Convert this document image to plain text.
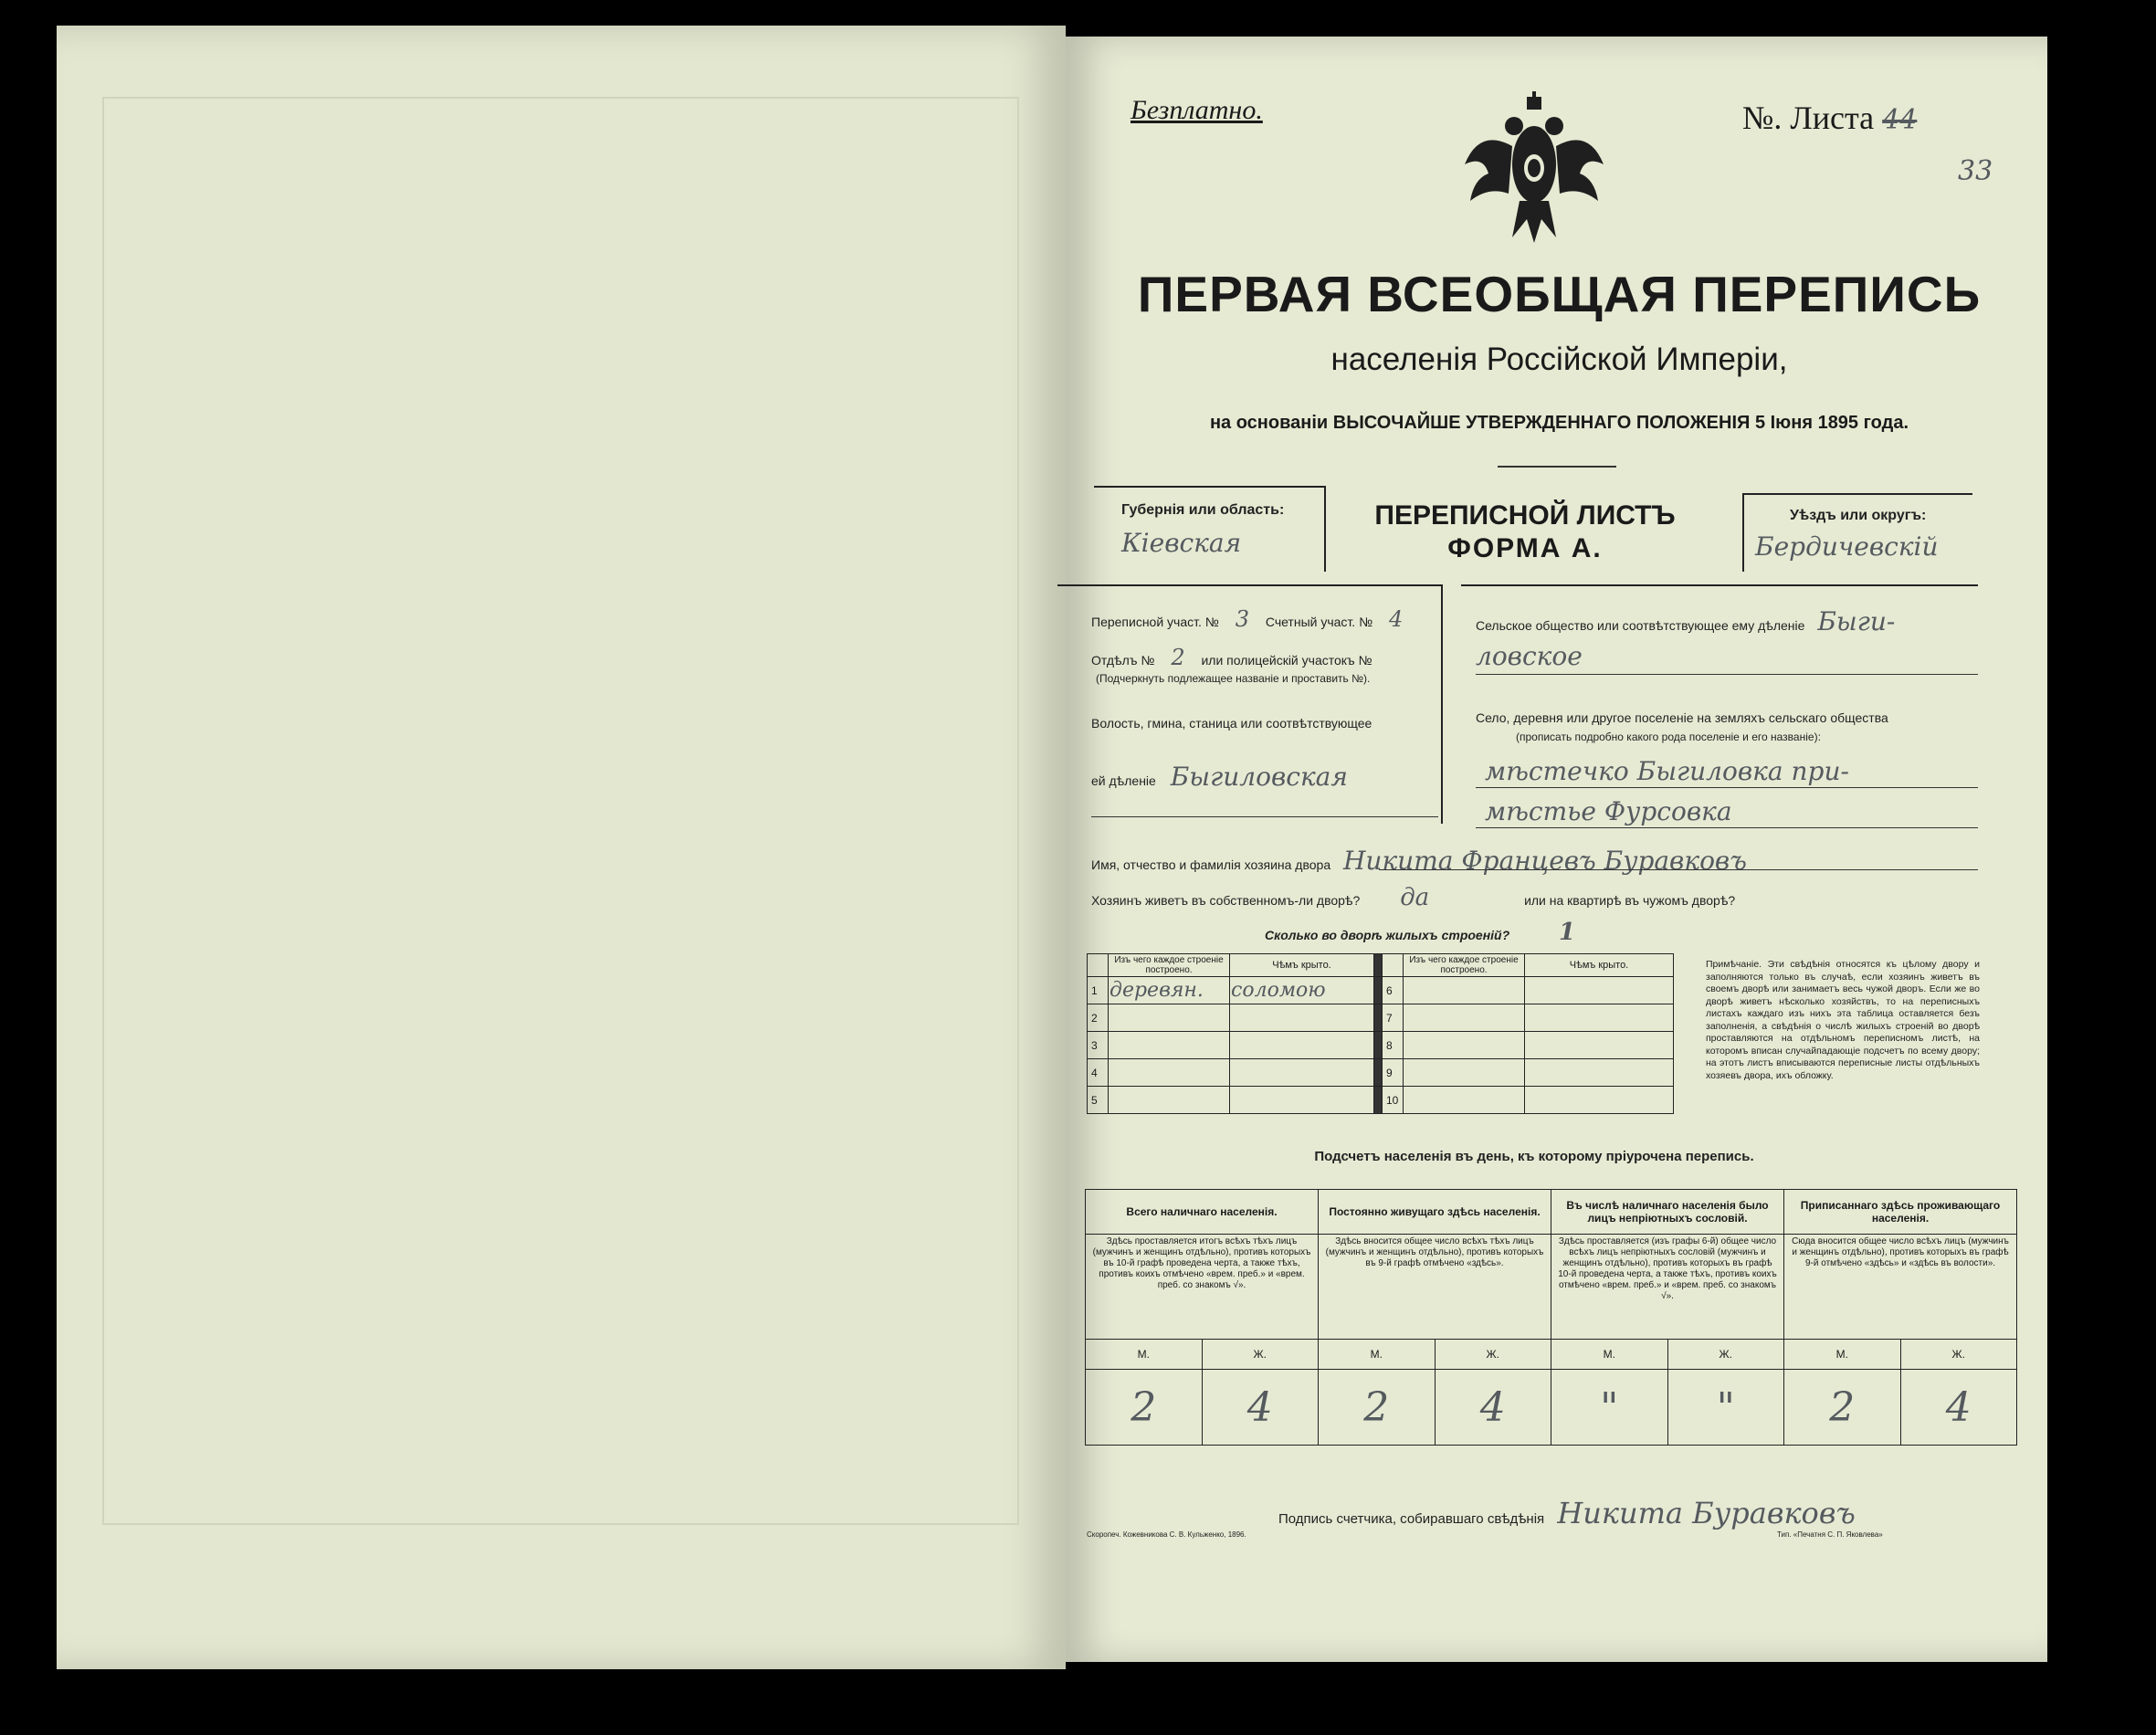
Безплатно.	№. Листа 44
33
ПЕРВАЯ ВСЕОБЩАЯ ПЕРЕПИСЬ
населенія Россійской Имперіи,
на основаніи ВЫСОЧАЙШЕ УТВЕРЖДЕННАГО ПОЛОЖЕНІЯ 5 Іюня 1895 года.
Губернія или область:
Кіевская
ПЕРЕПИСНОЙ ЛИСТЪ
ФОРМА А.
Уѣздъ или округъ:
Бердичевскій
Переписной участ. № 3 Счетный участ. № 4
Отдѣлъ № 2 или полицейскій участокъ №
(Подчеркнуть подлежащее названіе и проставить №).
Волость, гмина, станица или соотвѣтствующее
ей дѣленіе Быгиловская
Сельское общество или соотвѣтствующее ему дѣленіе Быги-
ловское
Село, деревня или другое поселеніе на земляхъ сельскаго общества
(прописать подробно какого рода поселеніе и его названіе):
мѣстечко Быгиловка при-
мѣстье Фурсовка
Имя, отчество и фамилія хозяина двора Никита Францевъ Буравковъ
Хозяинъ живетъ въ собственномъ-ли дворѣ? да	или на квартирѣ въ чужомъ дворѣ?
Сколько во дворѣ жилыхъ строеній? 1
	Изъ чего каждое строеніе построено.	Чѣмъ крыто.			Изъ чего каждое строеніе построено.	Чѣмъ крыто.
1	деревян.	соломою		6		
2				7		
3				8		
4				9		
5				10		
Примѣчаніе. Эти свѣдѣнія относятся къ цѣлому двору и заполняются только въ случаѣ, если хозяинъ живетъ въ своемъ дворѣ или занимаетъ весь чужой дворъ. Если же во дворѣ живетъ нѣсколько хозяйствъ, то на переписныхъ листахъ каждаго изъ нихъ эта таблица оставляется безъ заполненія, а свѣдѣнія о числѣ жилыхъ строеній во дворѣ проставляются на отдѣльномъ переписномъ листѣ, на которомъ вписан случайпадающіе подсчетъ по всему двору; на этотъ листъ вписываются переписные листы отдѣльныхъ хозяевъ двора, ихъ обложку.
Подсчетъ населенія въ день, къ которому пріурочена перепись.
Всего наличнаго населенія.		Постоянно живущаго здѣсь населенія.		Въ числѣ наличнаго населенія было лицъ непріютныхъ сословій.		Приписаннаго здѣсь проживающаго населенія.	
Здѣсь проставляется итогъ всѣхъ тѣхъ лицъ (мужчинъ и женщинъ отдѣльно), противъ которыхъ въ 10-й графѣ проведена черта, а также тѣхъ, противъ коихъ отмѣчено «врем. преб.» и «врем. преб. со знакомъ √».		Здѣсь вносится общее число всѣхъ тѣхъ лицъ (мужчинъ и женщинъ отдѣльно), противъ которыхъ въ 9-й графѣ отмѣчено «здѣсь».		Здѣсь проставляется (изъ графы 6-й) общее число всѣхъ лицъ непріютныхъ сословій (мужчинъ и женщинъ отдѣльно), противъ которыхъ въ графѣ 10-й проведена черта, а также тѣхъ, противъ коихъ отмѣчено «врем. преб.» и «врем. преб. со знакомъ √».		Сюда вносится общее число всѣхъ лицъ (мужчинъ и женщинъ отдѣльно), противъ которыхъ въ графѣ 9-й отмѣчено «здѣсь» и «здѣсь въ волости».	
М.	Ж.	М.	Ж.	М.	Ж.	М.	Ж.
2	4	2	4	"	"	2	4
Подпись счетчика, собиравшаго свѣдѣнія Никита Буравковъ
Скоропеч. Кожевникова С. В. Кульженко, 1896.	Тип. «Печатня С. П. Яковлева»
